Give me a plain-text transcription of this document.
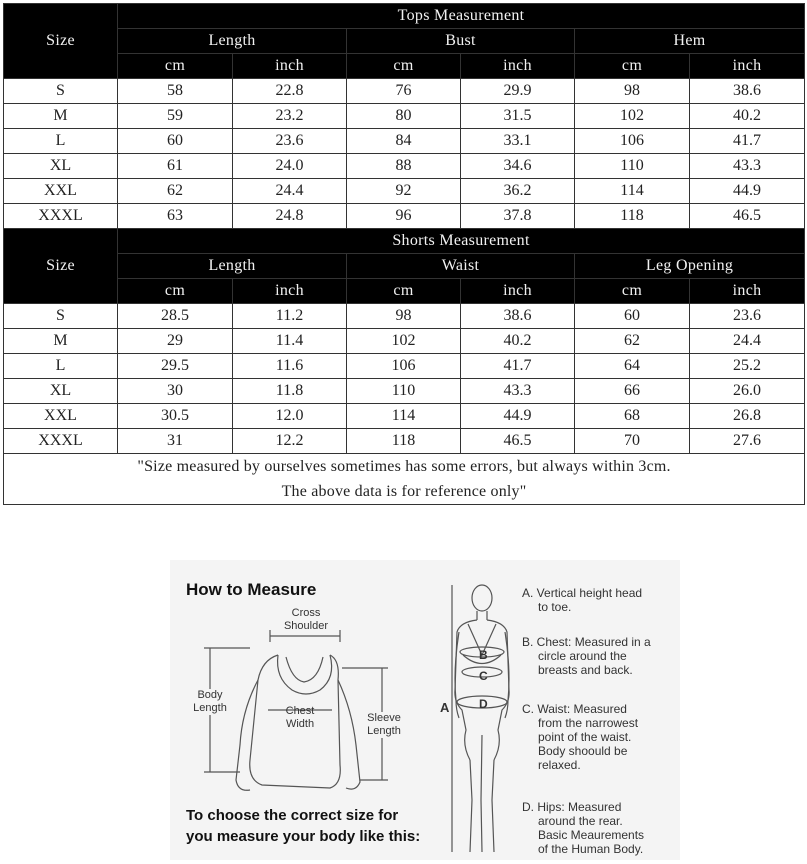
Size	Tops Measurement					
	Length		Bust		Hem	
	cm	inch	cm	inch	cm	inch
S	58	22.8	76	29.9	98	38.6
M	59	23.2	80	31.5	102	40.2
L	60	23.6	84	33.1	106	41.7
XL	61	24.0	88	34.6	110	43.3
XXL	62	24.4	92	36.2	114	44.9
XXXL	63	24.8	96	37.8	118	46.5
Size	Shorts Measurement					
	Length		Waist		Leg Opening	
	cm	inch	cm	inch	cm	inch
S	28.5	11.2	98	38.6	60	23.6
M	29	11.4	102	40.2	62	24.4
L	29.5	11.6	106	41.7	64	25.2
XL	30	11.8	110	43.3	66	26.0
XXL	30.5	12.0	114	44.9	68	26.8
XXXL	31	12.2	118	46.5	70	27.6

"Size measured by ourselves sometimes has some errors, but always within 3cm.
The above data is for reference only"						
B
C
D
A
How to Measure
Cross
Shoulder
Body
Length	Chest
Width	Sleeve
Length
To choose the correct size for
you measure your body like this:
A. Vertical height head
to toe.
B. Chest: Measured in a
circle around the
breasts and back.
C. Waist: Measured
from the narrowest
point of the waist.
Body shoould be
relaxed.
D. Hips: Measured
around the rear.
Basic Meaurements
of the Human Body.
